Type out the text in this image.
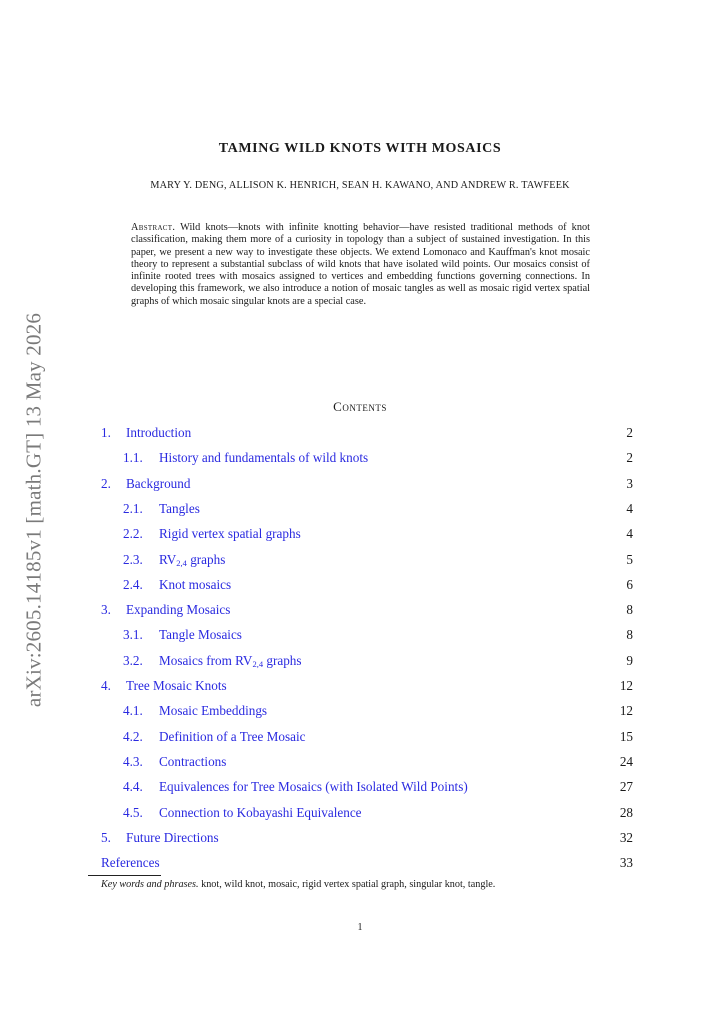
arXiv:2605.14185v1 [math.GT] 13 May 2026
TAMING WILD KNOTS WITH MOSAICS
MARY Y. DENG, ALLISON K. HENRICH, SEAN H. KAWANO, AND ANDREW R. TAWFEEK
Abstract. Wild knots—knots with infinite knotting behavior—have resisted traditional methods of knot classification, making them more of a curiosity in topology than a subject of sustained investigation. In this paper, we present a new way to investigate these objects. We extend Lomonaco and Kauffman's knot mosaic theory to represent a substantial subclass of wild knots that have isolated wild points. Our mosaics consist of infinite rooted trees with mosaics assigned to vertices and embedding functions governing connections. In developing this framework, we also introduce a notion of mosaic tangles as well as mosaic rigid vertex spatial graphs of which mosaic singular knots are a special case.
Contents
1. Introduction	2
1.1. History and fundamentals of wild knots	2
2. Background	3
2.1. Tangles	4
2.2. Rigid vertex spatial graphs	4
2.3. $RV_{2,4}$ graphs	5
2.4. Knot mosaics	6
3. Expanding Mosaics	8
3.1. Tangle Mosaics	8
3.2. Mosaics from $RV_{2,4}$ graphs	9
4. Tree Mosaic Knots	12
4.1. Mosaic Embeddings	12
4.2. Definition of a Tree Mosaic	15
4.3. Contractions	24
4.4. Equivalences for Tree Mosaics (with Isolated Wild Points)	27
4.5. Connection to Kobayashi Equivalence	28
5. Future Directions	32
References	33
Key words and phrases. knot, wild knot, mosaic, rigid vertex spatial graph, singular knot, tangle.
1
